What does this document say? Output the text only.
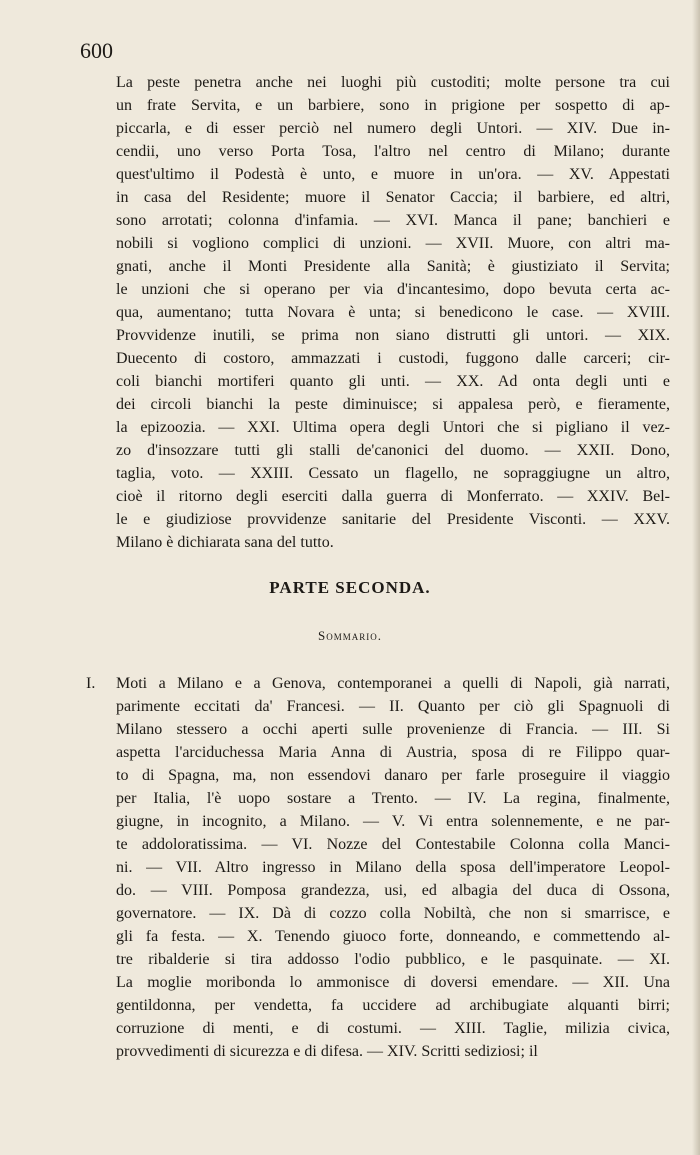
600
La peste penetra anche nei luoghi più custoditi; molte persone tra cui
un frate Servita, e un barbiere, sono in prigione per sospetto di ap-
piccarla, e di esser perciò nel numero degli Untori. — XIV. Due in-
cendii, uno verso Porta Tosa, l'altro nel centro di Milano; durante
quest'ultimo il Podestà è unto, e muore in un'ora. — XV. Appestati
in casa del Residente; muore il Senator Caccia; il barbiere, ed altri,
sono arrotati; colonna d'infamia. — XVI. Manca il pane; banchieri e
nobili si vogliono complici di unzioni. — XVII. Muore, con altri ma-
gnati, anche il Monti Presidente alla Sanità; è giustiziato il Servita;
le unzioni che si operano per via d'incantesimo, dopo bevuta certa ac-
qua, aumentano; tutta Novara è unta; si benedicono le case. — XVIII.
Provvidenze inutili, se prima non siano distrutti gli untori. — XIX.
Duecento di costoro, ammazzati i custodi, fuggono dalle carceri; cir-
coli bianchi mortiferi quanto gli unti. — XX. Ad onta degli unti e
dei circoli bianchi la peste diminuisce; si appalesa però, e fieramente,
la epizoozia. — XXI. Ultima opera degli Untori che si pigliano il vez-
zo d'insozzare tutti gli stalli de'canonici del duomo. — XXII. Dono,
taglia, voto. — XXIII. Cessato un flagello, ne sopraggiugne un altro,
cioè il ritorno degli eserciti dalla guerra di Monferrato. — XXIV. Bel-
le e giudiziose provvidenze sanitarie del Presidente Visconti. — XXV.
Milano è dichiarata sana del tutto.
PARTE SECONDA.
Sommario.
I. Moti a Milano e a Genova, contemporanei a quelli di Napoli, già narrati,
parimente eccitati da' Francesi. — II. Quanto per ciò gli Spagnuoli di
Milano stessero a occhi aperti sulle provenienze di Francia. — III. Si
aspetta l'arciduchessa Maria Anna di Austria, sposa di re Filippo quar-
to di Spagna, ma, non essendovi danaro per farle proseguire il viaggio
per Italia, l'è uopo sostare a Trento. — IV. La regina, finalmente,
giugne, in incognito, a Milano. — V. Vi entra solennemente, e ne par-
te addoloratissima. — VI. Nozze del Contestabile Colonna colla Manci-
ni. — VII. Altro ingresso in Milano della sposa dell'imperatore Leopol-
do. — VIII. Pomposa grandezza, usi, ed albagia del duca di Ossona,
governatore. — IX. Dà di cozzo colla Nobiltà, che non si smarrisce, e
gli fa festa. — X. Tenendo giuoco forte, donneando, e commettendo al-
tre ribalderie si tira addosso l'odio pubblico, e le pasquinate. — XI.
La moglie moribonda lo ammonisce di doversi emendare. — XII. Una
gentildonna, per vendetta, fa uccidere ad archibugiate alquanti birri;
corruzione di menti, e di costumi. — XIII. Taglie, milizia civica,
provvedimenti di sicurezza e di difesa. — XIV. Scritti sediziosi; il
